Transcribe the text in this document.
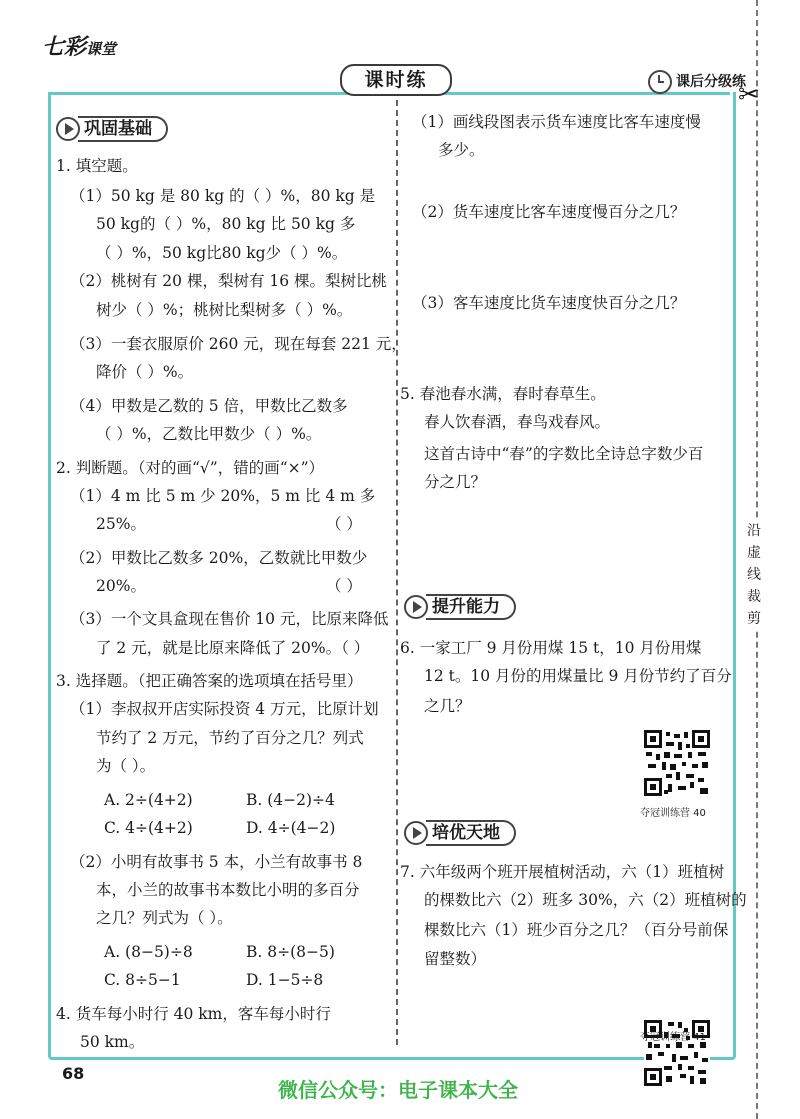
七彩课堂
课时练	课后分级练
✂
沿
虚
线
裁
剪
巩固基础
1. 填空题。
（1）50 kg 是 80 kg 的（ ）%，80 kg 是
50 kg的（ ）%，80 kg 比 50 kg 多
（ ）%，50 kg比80 kg少（ ）%。
（2）桃树有 20 棵，梨树有 16 棵。梨树比桃
树少（ ）%；桃树比梨树多（ ）%。
（3）一套衣服原价 260 元，现在每套 221 元，
降价（ ）%。
（4）甲数是乙数的 5 倍，甲数比乙数多
（ ）%，乙数比甲数少（ ）%。
2. 判断题。（对的画“√”，错的画“×”）
（1）4 m 比 5 m 少 20%，5 m 比 4 m 多
25%。	（ ）
（2）甲数比乙数多 20%，乙数就比甲数少
20%。	（ ）
（3）一个文具盒现在售价 10 元，比原来降低
了 2 元，就是比原来降低了 20%。（ ）
3. 选择题。（把正确答案的选项填在括号里）
（1）李叔叔开店实际投资 4 万元，比原计划
节约了 2 万元，节约了百分之几？列式
为（ ）。
A. 2÷(4+2)	B. (4−2)÷4
C. 4÷(4+2)	D. 4÷(4−2)
（2）小明有故事书 5 本，小兰有故事书 8
本，小兰的故事书本数比小明的多百分
之几？列式为（ ）。
A. (8−5)÷8	B. 8÷(8−5)
C. 8÷5−1	D. 1−5÷8
4. 货车每小时行 40 km，客车每小时行
50 km。
（1）画线段图表示货车速度比客车速度慢
多少。
（2）货车速度比客车速度慢百分之几？
（3）客车速度比货车速度快百分之几？
5. 春池春水满，春时春草生。
春人饮春酒，春鸟戏春风。
这首古诗中“春”的字数比全诗总字数少百
分之几？
提升能力
6. 一家工厂 9 月份用煤 15 t，10 月份用煤
12 t。10 月份的用煤量比 9 月份节约了百分
之几？
夺冠训练营 40
培优天地
7. 六年级两个班开展植树活动，六（1）班植树
的棵数比六（2）班多 30%，六（2）班植树的
棵数比六（1）班少百分之几？（百分号前保
留整数）
夺冠训练营 41
68
微信公众号：电子课本大全
